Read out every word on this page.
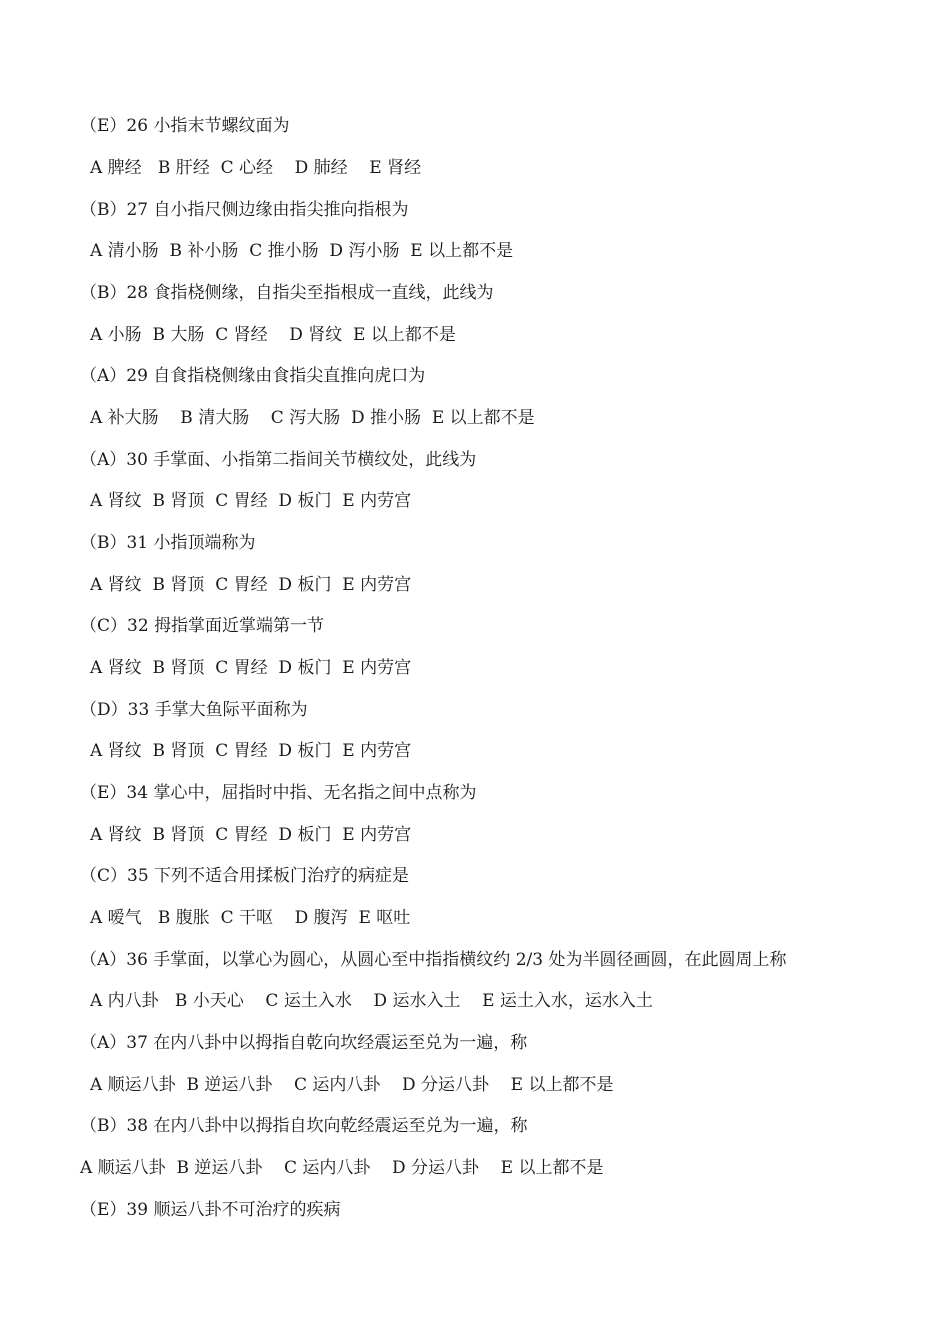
（E）26 小指末节螺纹面为
A 脾经   B 肝经  C 心经    D 肺经    E 肾经
（B）27 自小指尺侧边缘由指尖推向指根为
A 清小肠  B 补小肠  C 推小肠  D 泻小肠  E 以上都不是
（B）28 食指桡侧缘，自指尖至指根成一直线，此线为
A 小肠  B 大肠  C 肾经    D 肾纹  E 以上都不是
（A）29 自食指桡侧缘由食指尖直推向虎口为
A 补大肠    B 清大肠    C 泻大肠  D 推小肠  E 以上都不是
（A）30 手掌面、小指第二指间关节横纹处，此线为
A 肾纹  B 肾顶  C 胃经  D 板门  E 内劳宫
（B）31 小指顶端称为
A 肾纹  B 肾顶  C 胃经  D 板门  E 内劳宫
（C）32 拇指掌面近掌端第一节
A 肾纹  B 肾顶  C 胃经  D 板门  E 内劳宫
（D）33 手掌大鱼际平面称为
A 肾纹  B 肾顶  C 胃经  D 板门  E 内劳宫
（E）34 掌心中，屈指时中指、无名指之间中点称为
A 肾纹  B 肾顶  C 胃经  D 板门  E 内劳宫
（C）35 下列不适合用揉板门治疗的病症是
A 嗳气   B 腹胀  C 干呕    D 腹泻  E 呕吐
（A）36 手掌面，以掌心为圆心，从圆心至中指指横纹约 2/3 处为半圆径画圆，在此圆周上称
A 内八卦   B 小天心    C 运土入水    D 运水入土    E 运土入水，运水入土
（A）37 在内八卦中以拇指自乾向坎经震运至兑为一遍，称
A 顺运八卦  B 逆运八卦    C 运内八卦    D 分运八卦    E 以上都不是
（B）38 在内八卦中以拇指自坎向乾经震运至兑为一遍，称
A 顺运八卦  B 逆运八卦    C 运内八卦    D 分运八卦    E 以上都不是
（E）39 顺运八卦不可治疗的疾病
